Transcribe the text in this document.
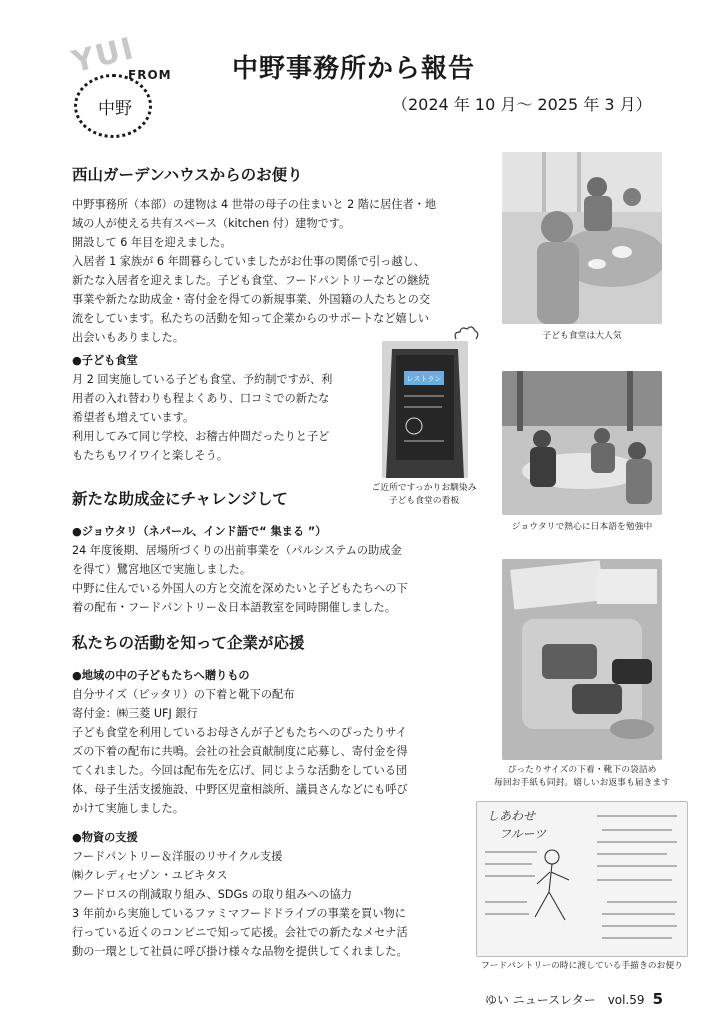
YUI
FROM
中野
中野事務所から報告
（2024 年 10 月〜 2025 年 3 月）
西山ガーデンハウスからのお便り
中野事務所（本部）の建物は 4 世帯の母子の住まいと 2 階に居住者・地
域の人が使える共有スペース（kitchen 付）建物です。
開設して 6 年目を迎えました。
入居者 1 家族が 6 年間暮らしていましたがお仕事の関係で引っ越し、
新たな入居者を迎えました。子ども食堂、フードパントリーなどの継続
事業や新たな助成金・寄付金を得ての新規事業、外国籍の人たちとの交
流をしています。私たちの活動を知って企業からのサポートなど嬉しい
出会いもありました。
●子ども食堂
月 2 回実施している子ども食堂、予約制ですが、利
用者の入れ替わりも程よくあり、口コミでの新たな
希望者も増えています。
利用してみて同じ学校、お稽古仲間だったりと子ど
もたちもワイワイと楽しそう。
新たな助成金にチャレンジして
●ジョウタリ（ネパール、インド語で“ 集まる ”）
24 年度後期、居場所づくりの出前事業を（パルシステムの助成金
を得て）鷺宮地区で実施しました。
中野に住んでいる外国人の方と交流を深めたいと子どもたちへの下
着の配布・フードパントリー＆日本語教室を同時開催しました。
私たちの活動を知って企業が応援
●地域の中の子どもたちへ贈りもの
自分サイズ（ピッタリ）の下着と靴下の配布
寄付金：㈱三菱 UFJ 銀行
子ども食堂を利用しているお母さんが子どもたちへのぴったりサイ
ズの下着の配布に共鳴。会社の社会貢献制度に応募し、寄付金を得
てくれました。今回は配布先を広げ、同じような活動をしている団
体、母子生活支援施設、中野区児童相談所、議員さんなどにも呼び
かけて実施しました。
●物資の支援
フードパントリー＆洋服のリサイクル支援
㈱クレディセゾン・ユビキタス
フードロスの削減取り組み、SDGs の取り組みへの協力
3 年前から実施しているファミマフードドライブの事業を買い物に
行っている近くのコンビニで知って応援。会社での新たなメセナ活
動の一環として社員に呼び掛け様々な品物を提供してくれました。
子ども食堂は大人気
レストラン
ご近所ですっかりお馴染み
子ども食堂の看板
ジョウタリで熱心に日本語を勉強中
ぴったりサイズの下着・靴下の袋詰め
毎回お手紙も同封。嬉しいお返事も届きます
しあわせ
フルーツ
フードパントリーの時に渡している手描きのお便り
ゆい ニュースレター　vol.59 5
